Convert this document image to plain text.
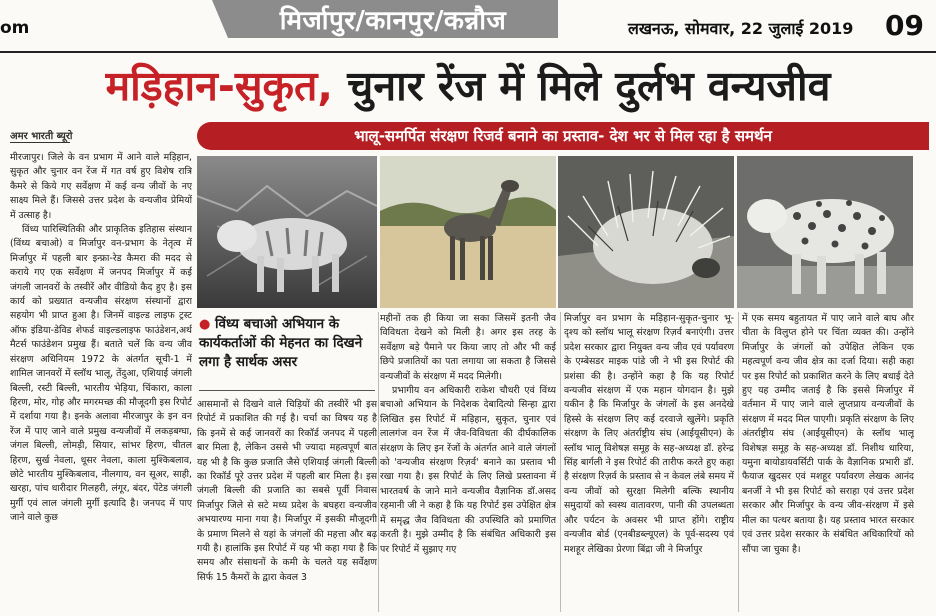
om	मिर्जापुर/कानपुर/कन्नौज	लखनऊ, सोमवार, 22 जुलाई 2019 09
मड़िहान-सुकृत, चुनार रेंज में मिले दुर्लभ वन्यजीव
अमर भारती ब्यूरो	भालू-समर्पित संरक्षण रिजर्व बनाने का प्रस्ताव- देश भर से मिल रहा है समर्थन
● विंध्य बचाओ अभियान के कार्यकर्ताओं की मेहनत का दिखने लगा है सार्थक असर

मीरजापुर। जिले के वन प्रभाग में आने वाले मड़िहान, सुकृत और चुनार वन रेंज में गत वर्ष हुए विशेष रात्रि कैमरे से किये गए सर्वेक्षण में कई वन्य जीवों के नए साक्ष्य मिले हैं। जिससे उत्तर प्रदेश के वन्यजीव प्रेमियों में उत्साह है।

विंध्य पारिस्थितिकी और प्राकृतिक इतिहास संस्थान (विंध्य बचाओ) व मिर्जापुर वन-प्रभाग के नेतृत्व में मिर्जापुर में पहली बार इन्फ्रा-रेड कैमरा की मदद से कराये गए एक सर्वेक्षण में जनपद मिर्जापुर में कई जंगली जानवरों के तस्वीरें और वीडियो कैद हुए है। इस कार्य को प्रख्यात वन्यजीव संरक्षण संस्थानों द्वारा सहयोग भी प्राप्त हुआ है। जिनमें वाइल्ड लाइफ ट्रस्ट ऑफ इंडिया-डेविड शेफर्ड वाइल्डलाइफ फाउंडेशन,अर्थ मैटर्स फाउंडेशन प्रमुख हैं। बताते चलें कि वन्य जीव संरक्षण अधिनियम 1972 के अंतर्गत सूची-1 में शामिल जानवरों में स्लॉथ भालू, तेंदुआ, एशियाई जंगली बिल्ली, रस्टी बिल्ली, भारतीय भेड़िया, चिंकारा, काला हिरण, मोर, गोह और मगरमच्छ की मौजूदगी इस रिपोर्ट में दर्शाया गया है। इनके अलावा मीरजापुर के इन वन रेंज में पाए जाने वाले प्रमुख वन्यजीवों में लकड़बग्घा, जंगल बिल्ली, लोमड़ी, सियार, सांभर हिरण, चीतल हिरण, सुर्ख नेवला, धूसर नेवला, काला मुश्किबलाव, छोटे भारतीय मुश्किबलाव, नीलगाय, वन सूअर, साही, खरहा, पांच धारीदार गिलहरी, लंगूर, बंदर, पेंटेड जंगली मुर्गी एवं लाल जंगली मुर्गी इत्यादि है। जनपद में पाए जाने वाले कुछ

आसमानों से दिखने वाले चिड़ियों की तस्वीरें भी इस रिपोर्ट में प्रकाशित की गई है। चर्चा का विषय यह है कि इनमें से कई जानवरों का रिकॉर्ड जनपद में पहली बार मिला है, लेकिन उससे भी ज्यादा महत्वपूर्ण बात यह भी है कि कुछ प्रजाति जैसे एशियाई जंगली बिल्ली का रिकॉर्ड पूरे उत्तर प्रदेश में पहली बार मिला है। इस जंगली बिल्ली की प्रजाति का सबसे पूर्वी निवास मिर्जापुर जिले से सटे मध्य प्रदेश के बघहरा वन्यजीव अभयारण्य माना गया है। मिर्जापुर में इसकी मौजूदगी के प्रमाण मिलने से यहां के जंगलों की महत्ता और बढ़ गयी है। हालांकि इस रिपोर्ट में यह भी कहा गया है कि समय और संसाधनों के कमी के चलते यह सर्वेक्षण सिर्फ 15 कैमरों के द्वारा केवल 3

महीनों तक ही किया जा सका जिसमें इतनी जैव विविधता देखने को मिली है। अगर इस तरह के सर्वेक्षण बड़े पैमाने पर किया जाए तो और भी कई छिपे प्रजातियों का पता लगाया जा सकता है जिससे वन्यजीवों के संरक्षण में मदद मिलेगी।

प्रभागीय वन अधिकारी राकेश चौधरी एवं विंध्य बचाओ अभियान के निदेशक देबादित्यो सिन्हा द्वारा लिखित इस रिपोर्ट में मड़िहान, सुकृत, चुनार एवं लालगंज वन रेंज में जैव-विविधता की दीर्घकालिक संरक्षण के लिए इन रेंजों के अंतर्गत आने वाले जंगलों को 'वन्यजीव संरक्षण रिज़र्व' बनाने का प्रस्ताव भी रखा गया है। इस रिपोर्ट के लिए लिखे प्रस्तावना में भारतवर्ष के जाने माने वन्यजीव वैज्ञानिक डॉ.असद रहमानी जी ने कहा है कि यह रिपोर्ट इस उपेक्षित क्षेत्र में समृद्ध जैव विविधता की उपस्थिति को प्रमाणित करती है। मुझे उम्मीद है कि संबंधित अधिकारी इस पर रिपोर्ट में सुझाए गए

मिर्जापुर वन प्रभाग के मड़िहान-सुकृत-चुनार भू-दृश्य को स्लॉथ भालू संरक्षण रिज़र्व बनाएंगी। उत्तर प्रदेश सरकार द्वारा नियुक्त वन्य जीव एवं पर्यावरण के एम्बेसडर माइक पांडे जी ने भी इस रिपोर्ट की प्रशंसा की है। उन्होंने कहा है कि यह रिपोर्ट वन्यजीव संरक्षण में एक महान योगदान है। मुझे यकीन है कि मिर्जापुर के जंगलों के इस अनदेखे हिस्से के संरक्षण लिए कई दरवाजे खुलेंगे। प्रकृति संरक्षण के लिए अंतर्राष्ट्रीय संघ (आईयूसीएन) के स्लॉथ भालू विशेषज्ञ समूह के सह-अध्यक्ष डॉ. हरेन्द्र सिंह बार्गली ने इस रिपोर्ट की तारीफ करते हुए कहा है संरक्षण रिज़र्व के प्रस्ताव से न केवल लंबे समय में वन्य जीवों को सुरक्षा मिलेगी बल्कि स्थानीय समुदायों को स्वस्थ वातावरण, पानी की उपलब्धता और पर्यटन के अवसर भी प्राप्त होंगे। राष्ट्रीय वन्यजीव बोर्ड (एनबीडब्ल्यूएल) के पूर्व-सदस्य एवं मशहूर लेखिका प्रेरणा बिंद्रा जी ने मिर्जापुर

में एक समय बहुतायत में पाए जाने वाले बाघ और चीता के विलुप्त होने पर चिंता व्यक्त की। उन्होंने मिर्जापुर के जंगलों को उपेक्षित लेकिन एक महत्वपूर्ण वन्य जीव क्षेत्र का दर्जा दिया। सही कहा पर इस रिपोर्ट को प्रकाशित करने के लिए बधाई देते हुए यह उम्मीद जताई है कि इससे मिर्जापुर में वर्तमान में पाए जाने वाले लुप्तप्राय वन्यजीवों के संरक्षण में मदद मिल पाएगी। प्रकृति संरक्षण के लिए अंतर्राष्ट्रीय संघ (आईयूसीएन) के स्लॉथ भालू विशेषज्ञ समूह के सह-अध्यक्ष डॉ. निशीथ धारिया, यमुना बायोडायवर्सिटी पार्क के वैज्ञानिक प्रभारी डॉ. फैयाज खुदसर एवं मशहूर पर्यावरण लेखक आनंद बनर्जी ने भी इस रिपोर्ट को सराहा एवं उत्तर प्रदेश सरकार और मिर्जापुर के वन्य जीव-संरक्षण में इसे मील का पत्थर बताया है। यह प्रस्ताव भारत सरकार एवं उत्तर प्रदेश सरकार के संबंधित अधिकारियों को सौंपा जा चुका है।
